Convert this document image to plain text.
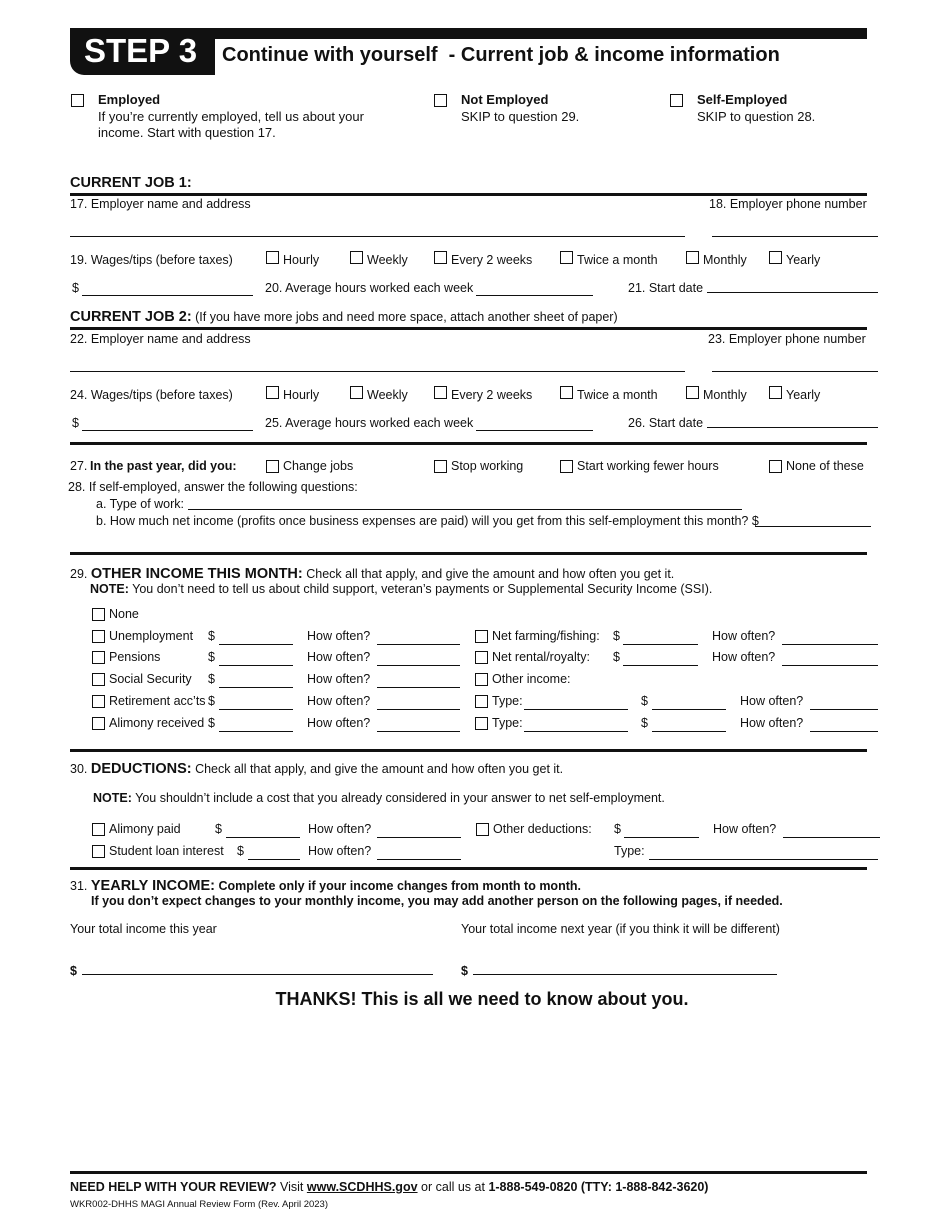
STEP 3 Continue with yourself  - Current job & income information
Employed
If you’re currently employed, tell us about your
income. Start with question 17.
Not Employed
SKIP to question 29.
Self-Employed
SKIP to question 28.
CURRENT JOB 1:
17. Employer name and address	18. Employer phone number
19. Wages/tips (before taxes)	Hourly	Weekly	Every 2 weeks	Twice a month	Monthly	Yearly
$	20. Average hours worked each week	21. Start date
CURRENT JOB 2: (If you have more jobs and need more space, attach another sheet of paper)
22. Employer name and address	23. Employer phone number
24. Wages/tips (before taxes)	Hourly	Weekly	Every 2 weeks	Twice a month	Monthly	Yearly
$	25. Average hours worked each week	26. Start date
27. In the past year, did you:	Change jobs	Stop working	Start working fewer hours	None of these
28. If self-employed, answer the following questions:
a. Type of work:
b. How much net income (profits once business expenses are paid) will you get from this self-employment this month? $
29. OTHER INCOME THIS MONTH: Check all that apply, and give the amount and how often you get it.
NOTE: You don’t need to tell us about child support, veteran’s payments or Supplemental Security Income (SSI).
None
Unemployment $	How often?
Pensions	$	How often?
Social Security $	How often?
Retirement acc’ts $	How often?
Alimony received $	How often?
Net farming/fishing: $	How often?
Net rental/royalty: $	How often?
Other income:
Type:	$	How often?
Type:	$	How often?
30. DEDUCTIONS: Check all that apply, and give the amount and how often you get it.
NOTE: You shouldn’t include a cost that you already considered in your answer to net self-employment.
Alimony paid	$	How often?
Student loan interest $	How often?
Other deductions: $	How often?
Type:
31. YEARLY INCOME: Complete only if your income changes from month to month.
If you don’t expect changes to your monthly income, you may add another person on the following pages, if needed.
Your total income this year	Your total income next year (if you think it will be different)
$	$
THANKS! This is all we need to know about you.
NEED HELP WITH YOUR REVIEW? Visit www.SCDHHS.gov or call us at 1-888-549-0820 (TTY: 1-888-842-3620)
WKR002-DHHS MAGI Annual Review Form (Rev. April 2023)
